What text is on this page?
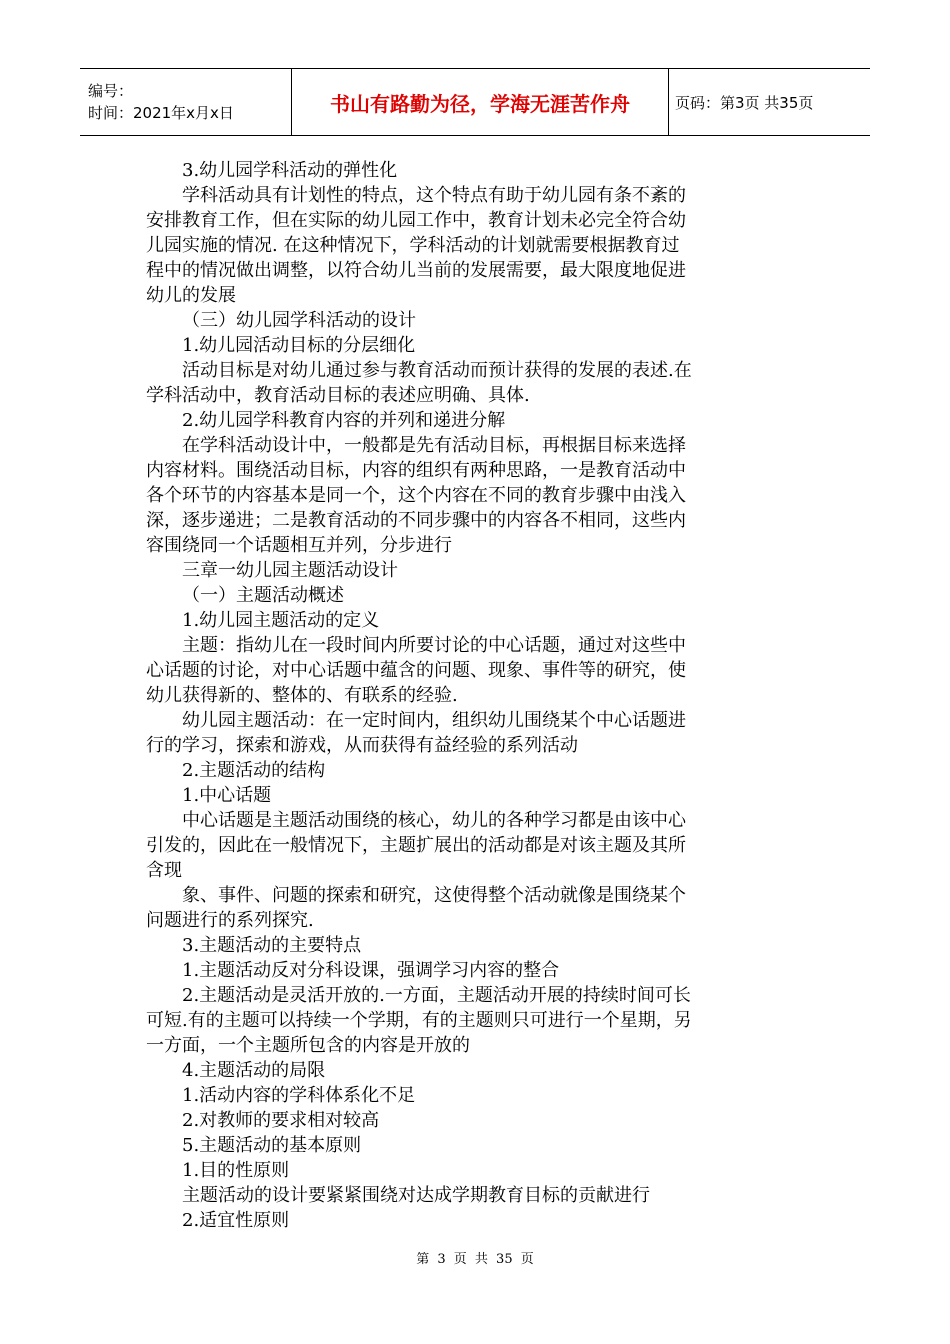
编号：
时间：2021年x月x日	书山有路勤为径，学海无涯苦作舟	页码：第3页 共35页

3.幼儿园学科活动的弹性化

学科活动具有计划性的特点，这个特点有助于幼儿园有条不紊的

安排教育工作，但在实际的幼儿园工作中，教育计划未必完全符合幼

儿园实施的情况. 在这种情况下，学科活动的计划就需要根据教育过

程中的情况做出调整，以符合幼儿当前的发展需要，最大限度地促进

幼儿的发展

（三）幼儿园学科活动的设计

1.幼儿园活动目标的分层细化

活动目标是对幼儿通过参与教育活动而预计获得的发展的表述.在

学科活动中，教育活动目标的表述应明确、具体.

2.幼儿园学科教育内容的并列和递进分解

在学科活动设计中，一般都是先有活动目标，再根据目标来选择

内容材料。围绕活动目标，内容的组织有两种思路，一是教育活动中

各个环节的内容基本是同一个，这个内容在不同的教育步骤中由浅入

深，逐步递进；二是教育活动的不同步骤中的内容各不相同，这些内

容围绕同一个话题相互并列，分步进行

三章一幼儿园主题活动设计

（一）主题活动概述

1.幼儿园主题活动的定义

主题：指幼儿在一段时间内所要讨论的中心话题，通过对这些中

心话题的讨论，对中心话题中蕴含的问题、现象、事件等的研究，使

幼儿获得新的、整体的、有联系的经验.

幼儿园主题活动：在一定时间内，组织幼儿围绕某个中心话题进

行的学习，探索和游戏，从而获得有益经验的系列活动

2.主题活动的结构

1.中心话题

中心话题是主题活动围绕的核心，幼儿的各种学习都是由该中心

引发的，因此在一般情况下，主题扩展出的活动都是对该主题及其所

含现

象、事件、问题的探索和研究，这使得整个活动就像是围绕某个

问题进行的系列探究.

3.主题活动的主要特点

1.主题活动反对分科设课，强调学习内容的整合

2.主题活动是灵活开放的.一方面，主题活动开展的持续时间可长

可短.有的主题可以持续一个学期，有的主题则只可进行一个星期，另

一方面，一个主题所包含的内容是开放的

4.主题活动的局限

1.活动内容的学科体系化不足

2.对教师的要求相对较高

5.主题活动的基本原则

1.目的性原则

主题活动的设计要紧紧围绕对达成学期教育目标的贡献进行

2.适宜性原则

第 3 页 共 35 页
